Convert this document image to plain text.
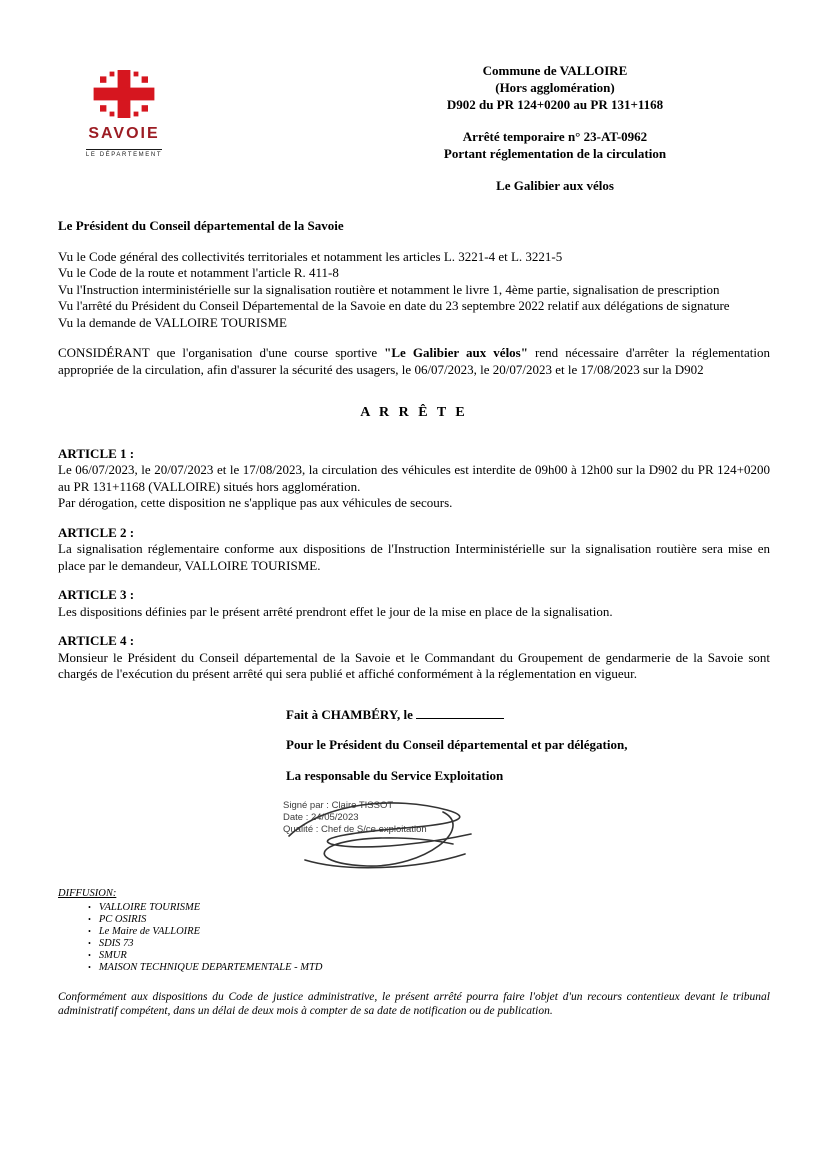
SAVOIE
LE DÉPARTEMENT
Commune de VALLOIRE
(Hors agglomération)
D902 du PR 124+0200 au PR 131+1168
Arrêté temporaire n° 23-AT-0962
Portant réglementation de la circulation
Le Galibier aux vélos

Le Président du Conseil départemental de la Savoie

Vu le Code général des collectivités territoriales et notamment les articles L. 3221-4 et L. 3221-5

Vu le Code de la route et notamment l'article R. 411-8

Vu l'Instruction interministérielle sur la signalisation routière et notamment le livre 1, 4ème partie, signalisation de prescription

Vu l'arrêté du Président du Conseil Départemental de la Savoie en date du 23 septembre 2022 relatif aux délégations de signature

Vu la demande de VALLOIRE TOURISME

CONSIDÉRANT que l'organisation d'une course sportive "Le Galibier aux vélos" rend nécessaire d'arrêter la réglementation appropriée de la circulation, afin d'assurer la sécurité des usagers, le 06/07/2023, le 20/07/2023 et le 17/08/2023 sur la D902

A R R Ê T E

ARTICLE 1 :

Le 06/07/2023, le 20/07/2023 et le 17/08/2023, la circulation des véhicules est interdite de 09h00 à 12h00 sur la D902 du PR 124+0200 au PR 131+1168 (VALLOIRE) situés hors agglomération.

Par dérogation, cette disposition ne s'applique pas aux véhicules de secours.

ARTICLE 2 :

La signalisation réglementaire conforme aux dispositions de l'Instruction Interministérielle sur la signalisation routière sera mise en place par le demandeur, VALLOIRE TOURISME.

ARTICLE 3 :

Les dispositions définies par le présent arrêté prendront effet le jour de la mise en place de la signalisation.

ARTICLE 4 :

Monsieur le Président du Conseil départemental de la Savoie et le Commandant du Groupement de gendarmerie de la Savoie sont chargés de l'exécution du présent arrêté qui sera publié et affiché conformément à la réglementation en vigueur.

Fait à CHAMBÉRY, le

Pour le Président du Conseil départemental et par délégation,

La responsable du Service Exploitation

Signé par : Claire TISSOT
Date : 24/05/2023
Qualité : Chef de S/ce exploitation

DIFFUSION:

• VALLOIRE TOURISME
• PC OSIRIS
• Le Maire de VALLOIRE
• SDIS 73
• SMUR
• MAISON TECHNIQUE DEPARTEMENTALE - MTD

Conformément aux dispositions du Code de justice administrative, le présent arrêté pourra faire l'objet d'un recours contentieux devant le tribunal administratif compétent, dans un délai de deux mois à compter de sa date de notification ou de publication.
